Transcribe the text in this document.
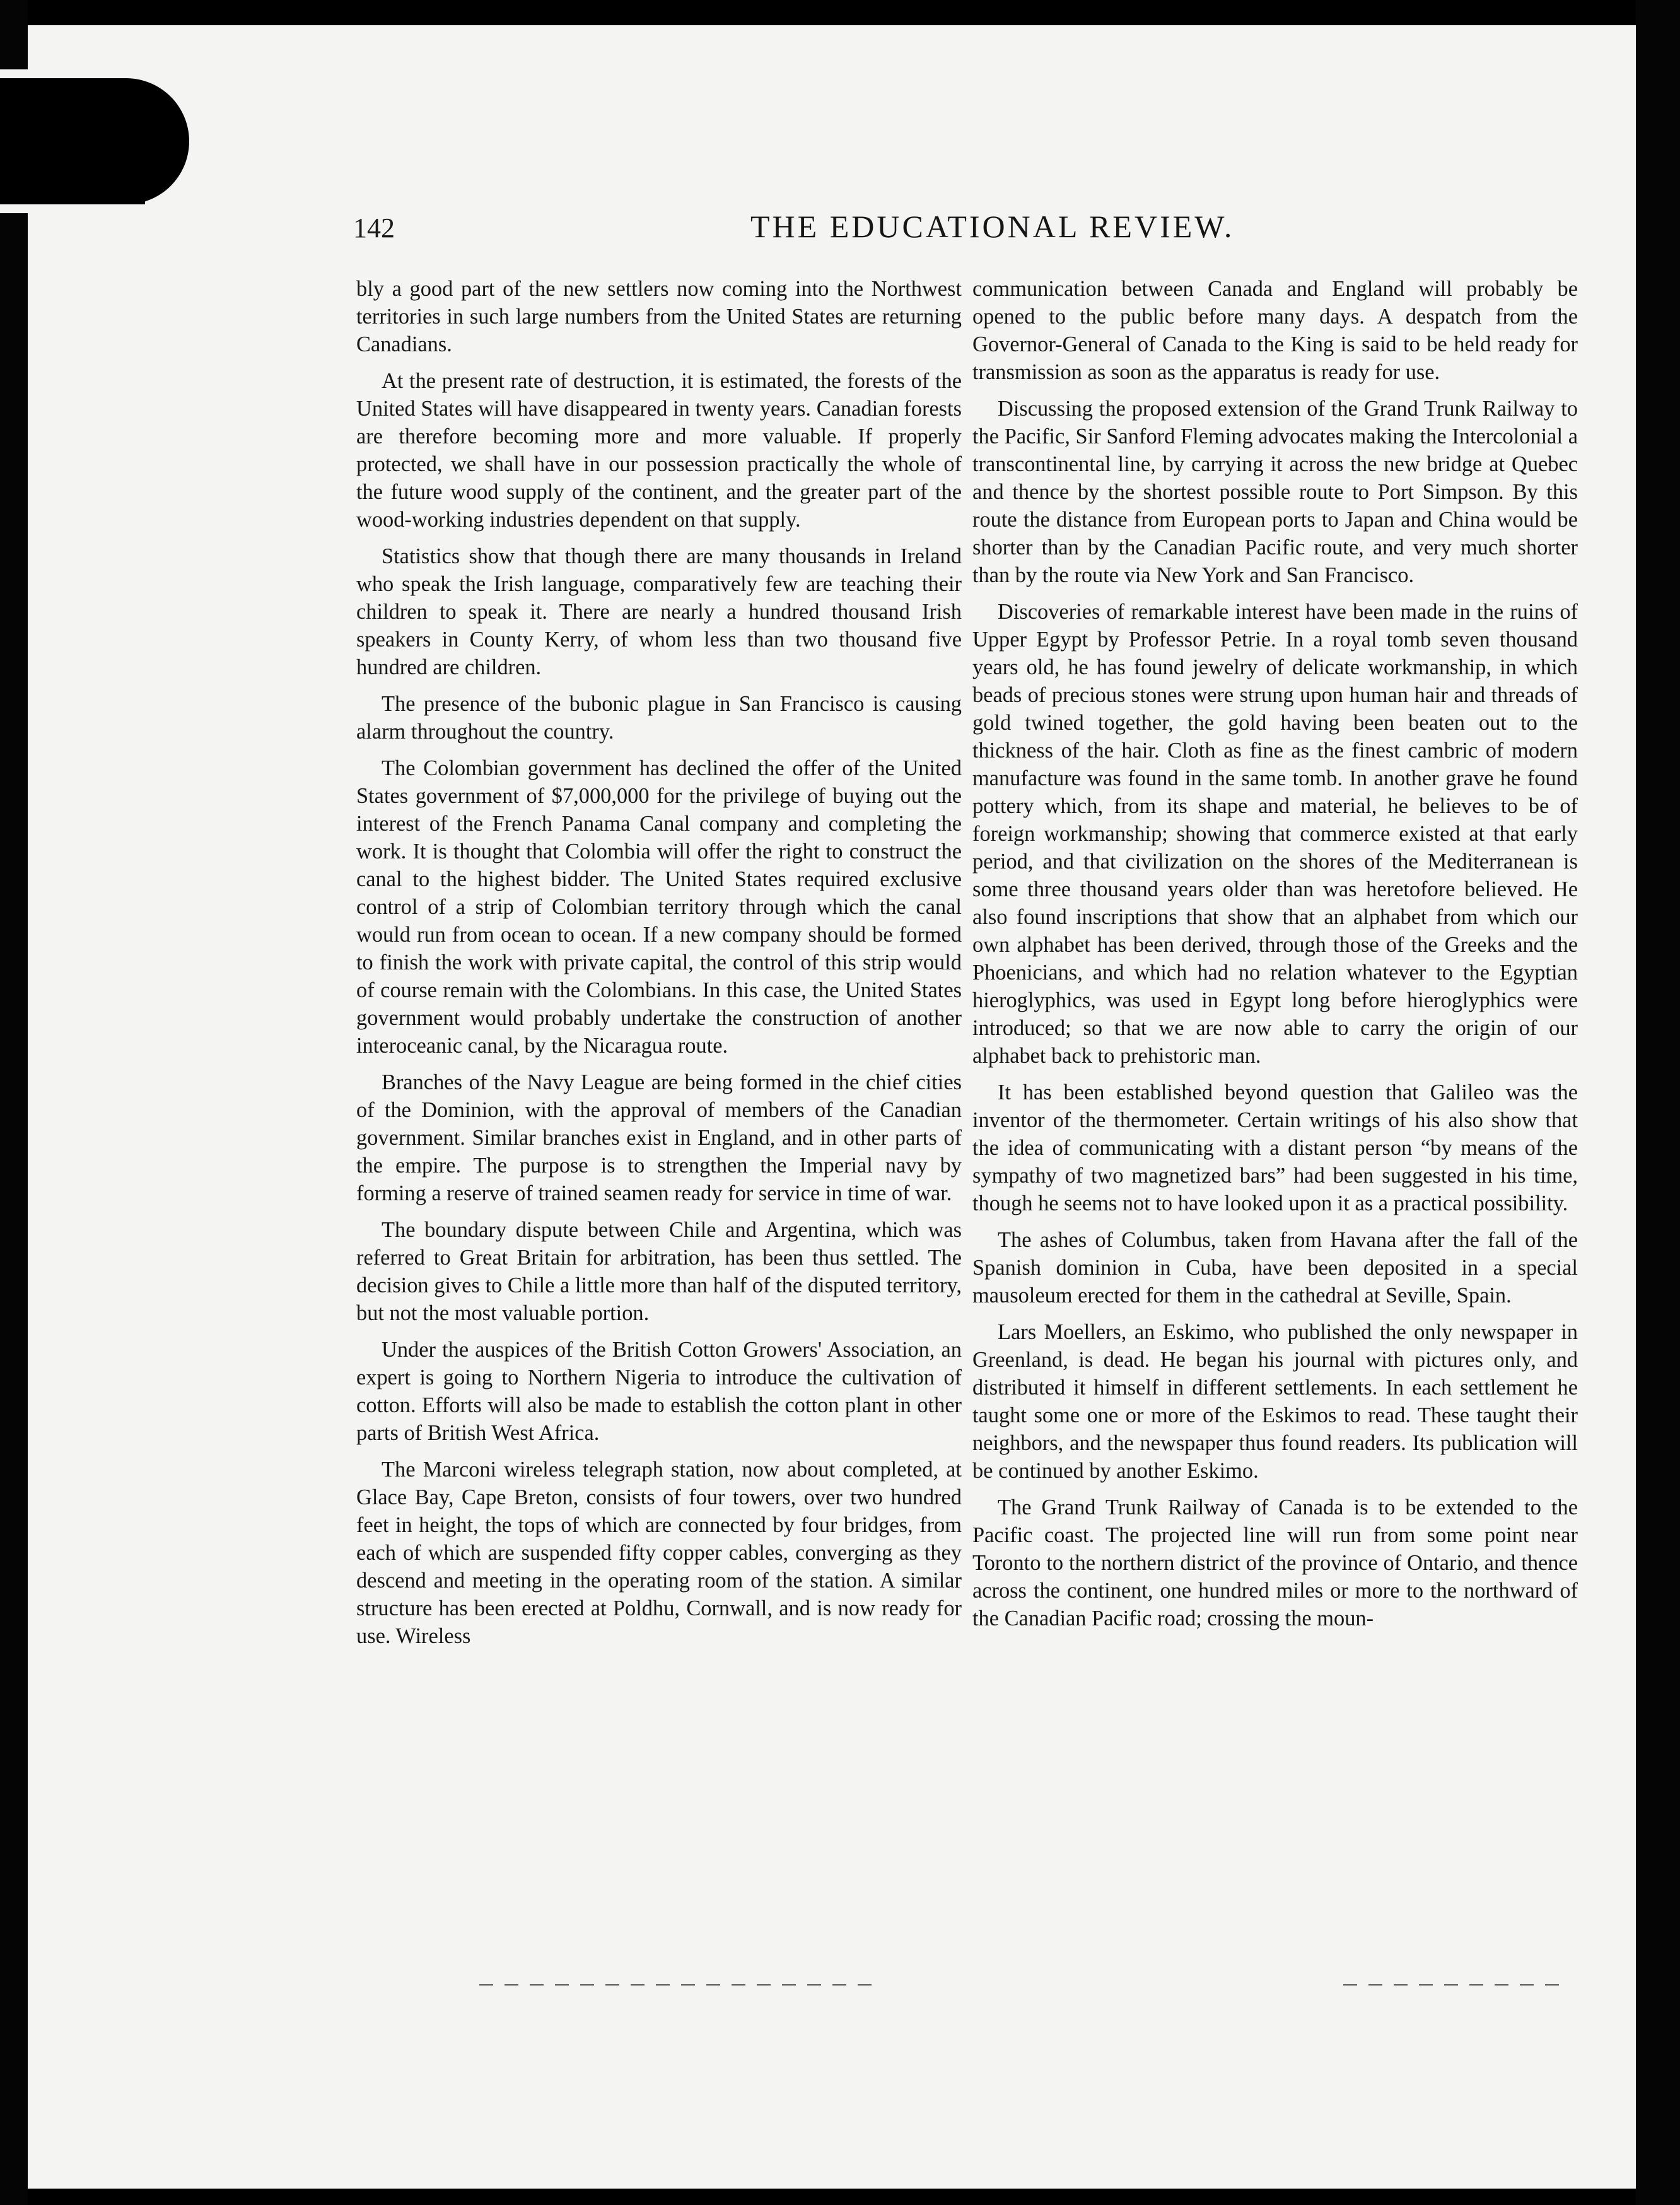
142	THE EDUCATIONAL REVIEW.

bly a good part of the new settlers now coming into the Northwest territories in such large numbers from the United States are returning Canadians.

At the present rate of destruction, it is estimated, the forests of the United States will have disappeared in twenty years. Canadian forests are therefore becoming more and more valuable. If properly protected, we shall have in our possession practically the whole of the future wood supply of the continent, and the greater part of the wood-working industries dependent on that supply.

Statistics show that though there are many thousands in Ireland who speak the Irish language, comparatively few are teaching their children to speak it. There are nearly a hundred thousand Irish speakers in County Kerry, of whom less than two thousand five hundred are children.

The presence of the bubonic plague in San Francisco is causing alarm throughout the country.

The Colombian government has declined the offer of the United States government of $7,000,000 for the privilege of buying out the interest of the French Panama Canal company and completing the work. It is thought that Colombia will offer the right to construct the canal to the highest bidder. The United States required exclusive control of a strip of Colombian territory through which the canal would run from ocean to ocean. If a new company should be formed to finish the work with private capital, the control of this strip would of course remain with the Colombians. In this case, the United States government would probably undertake the construction of another interoceanic canal, by the Nicaragua route.

Branches of the Navy League are being formed in the chief cities of the Dominion, with the approval of members of the Canadian government. Similar branches exist in England, and in other parts of the empire. The purpose is to strengthen the Imperial navy by forming a reserve of trained seamen ready for service in time of war.

The boundary dispute between Chile and Argentina, which was referred to Great Britain for arbitration, has been thus settled. The decision gives to Chile a little more than half of the disputed territory, but not the most valuable portion.

Under the auspices of the British Cotton Growers' Association, an expert is going to Northern Nigeria to introduce the cultivation of cotton. Efforts will also be made to establish the cotton plant in other parts of British West Africa.

The Marconi wireless telegraph station, now about completed, at Glace Bay, Cape Breton, consists of four towers, over two hundred feet in height, the tops of which are connected by four bridges, from each of which are suspended fifty copper cables, converging as they descend and meeting in the operating room of the station. A similar structure has been erected at Poldhu, Cornwall, and is now ready for use. Wireless

communication between Canada and England will probably be opened to the public before many days. A despatch from the Governor-General of Canada to the King is said to be held ready for transmission as soon as the apparatus is ready for use.

Discussing the proposed extension of the Grand Trunk Railway to the Pacific, Sir Sanford Fleming advocates making the Intercolonial a transcontinental line, by carrying it across the new bridge at Quebec and thence by the shortest possible route to Port Simpson. By this route the distance from European ports to Japan and China would be shorter than by the Canadian Pacific route, and very much shorter than by the route via New York and San Francisco.

Discoveries of remarkable interest have been made in the ruins of Upper Egypt by Professor Petrie. In a royal tomb seven thousand years old, he has found jewelry of delicate workmanship, in which beads of precious stones were strung upon human hair and threads of gold twined together, the gold having been beaten out to the thickness of the hair. Cloth as fine as the finest cambric of modern manufacture was found in the same tomb. In another grave he found pottery which, from its shape and material, he believes to be of foreign workmanship; showing that commerce existed at that early period, and that civilization on the shores of the Mediterranean is some three thousand years older than was heretofore believed. He also found inscriptions that show that an alphabet from which our own alphabet has been derived, through those of the Greeks and the Phoenicians, and which had no relation whatever to the Egyptian hieroglyphics, was used in Egypt long before hieroglyphics were introduced; so that we are now able to carry the origin of our alphabet back to prehistoric man.

It has been established beyond question that Galileo was the inventor of the thermometer. Certain writings of his also show that the idea of communicating with a distant person “by means of the sympathy of two magnetized bars” had been suggested in his time, though he seems not to have looked upon it as a practical possibility.

The ashes of Columbus, taken from Havana after the fall of the Spanish dominion in Cuba, have been deposited in a special mausoleum erected for them in the cathedral at Seville, Spain.

Lars Moellers, an Eskimo, who published the only newspaper in Greenland, is dead. He began his journal with pictures only, and distributed it himself in different settlements. In each settlement he taught some one or more of the Eskimos to read. These taught their neighbors, and the newspaper thus found readers. Its publication will be continued by another Eskimo.

The Grand Trunk Railway of Canada is to be extended to the Pacific coast. The projected line will run from some point near Toronto to the northern district of the province of Ontario, and thence across the continent, one hundred miles or more to the northward of the Canadian Pacific road; crossing the moun-
